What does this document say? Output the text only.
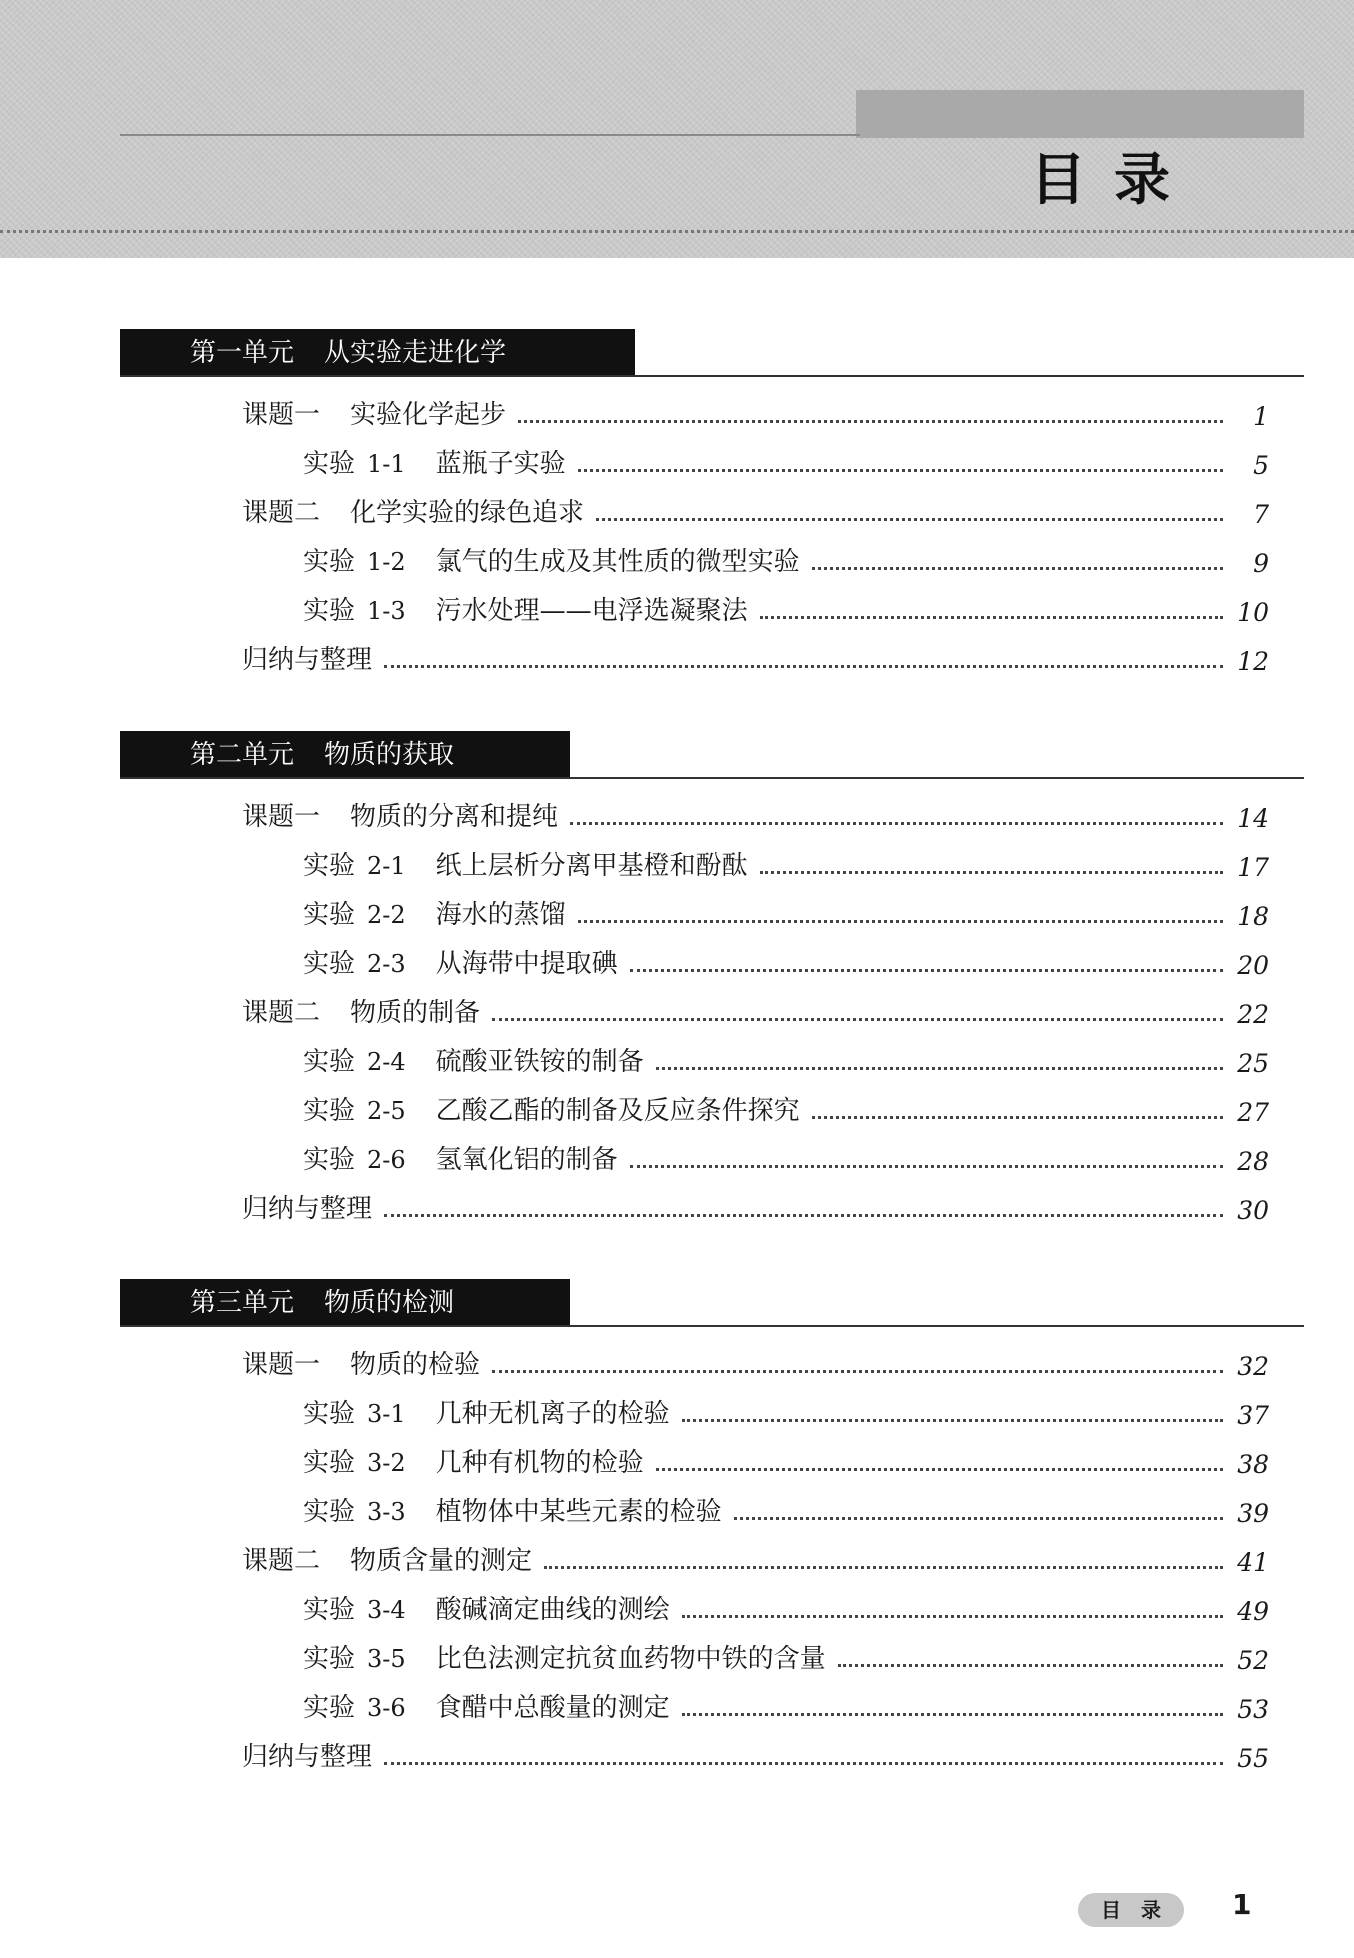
目录
第一单元 从实验走进化学
课题一 实验化学起步	1
实验 1-1 蓝瓶子实验	5
课题二 化学实验的绿色追求	7
实验 1-2 氯气的生成及其性质的微型实验	9
实验 1-3 污水处理——电浮选凝聚法	10
归纳与整理	12
第二单元 物质的获取
课题一 物质的分离和提纯	14
实验 2-1 纸上层析分离甲基橙和酚酞	17
实验 2-2 海水的蒸馏	18
实验 2-3 从海带中提取碘	20
课题二 物质的制备	22
实验 2-4 硫酸亚铁铵的制备	25
实验 2-5 乙酸乙酯的制备及反应条件探究	27
实验 2-6 氢氧化铝的制备	28
归纳与整理	30
第三单元 物质的检测
课题一 物质的检验	32
实验 3-1 几种无机离子的检验	37
实验 3-2 几种有机物的检验	38
实验 3-3 植物体中某些元素的检验	39
课题二 物质含量的测定	41
实验 3-4 酸碱滴定曲线的测绘	49
实验 3-5 比色法测定抗贫血药物中铁的含量	52
实验 3-6 食醋中总酸量的测定	53
归纳与整理	55
目录 1
